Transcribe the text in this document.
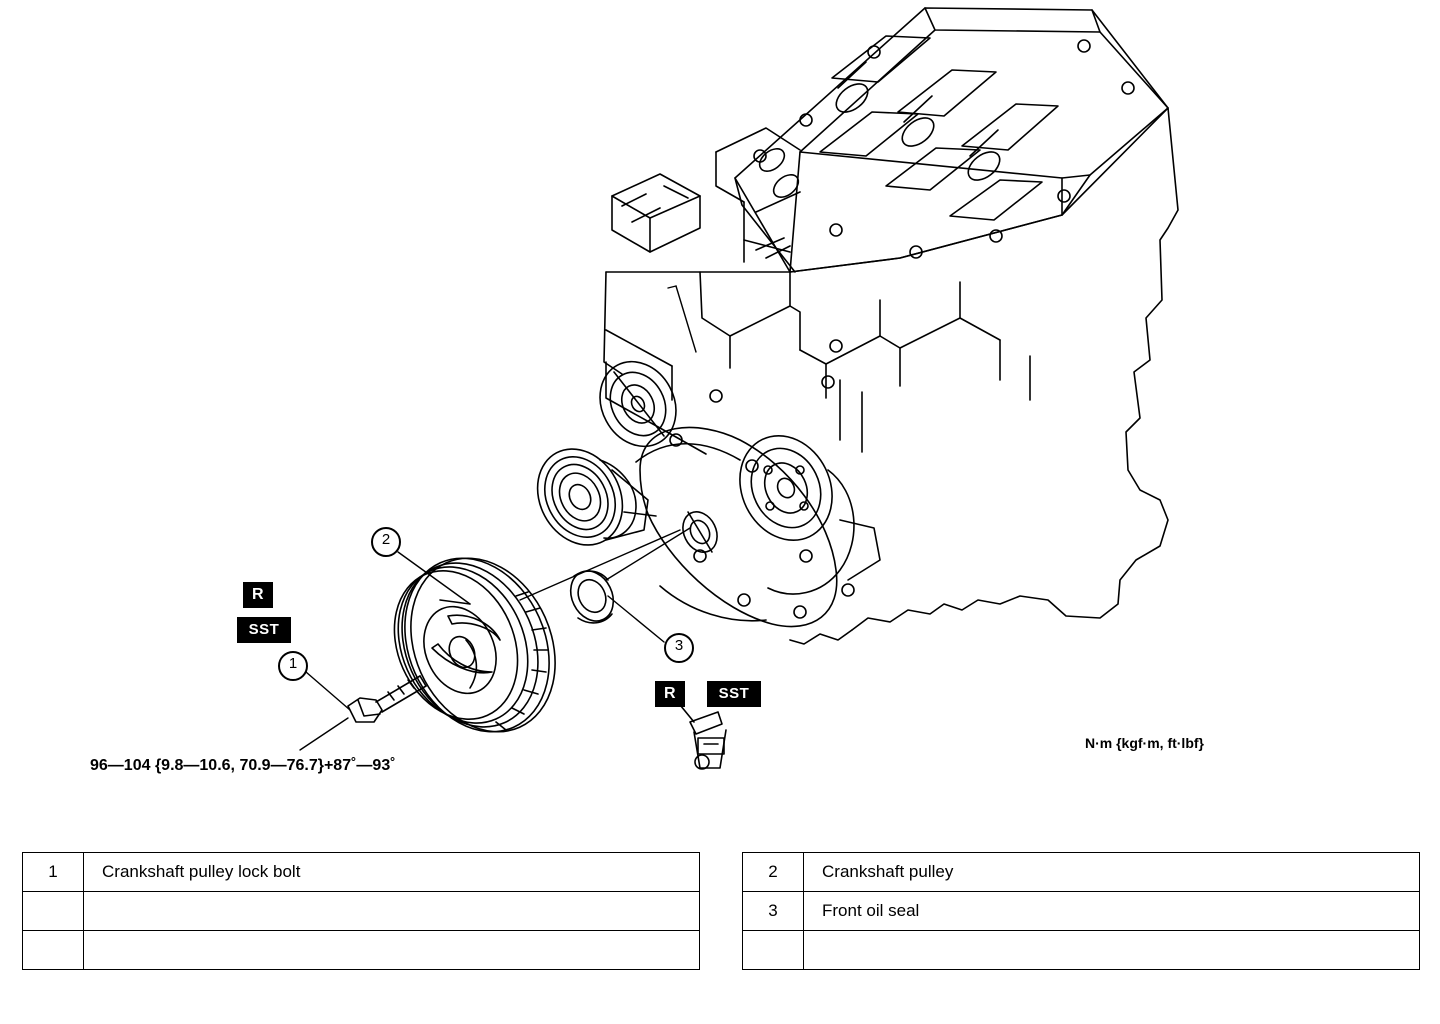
2
1
3
R
SST
R	SST
96—104 {9.8—10.6, 70.9—76.7}+87˚—93˚
N·m {kgf·m, ft·lbf}
1	Crankshaft pulley lock bolt

		2	Crankshaft pulley
3	Front oil seal
